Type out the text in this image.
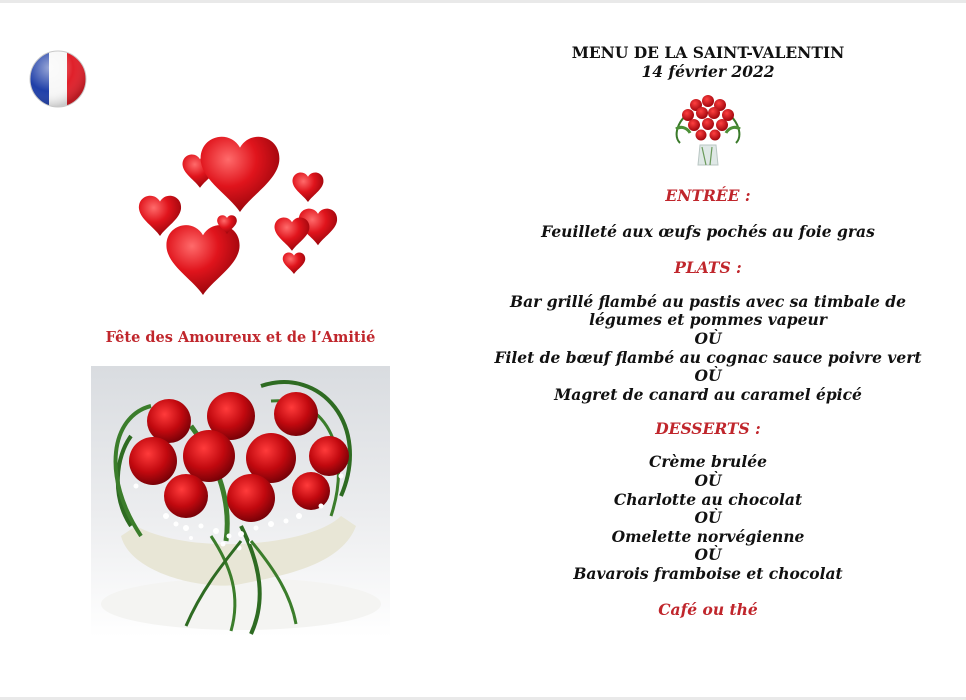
Fête des Amoureux et de l’Amitié
MENU DE LA SAINT-VALENTIN
14 février 2022
ENTRÉE :
Feuilleté aux œufs pochés au foie gras
PLATS :
Bar grillé flambé au pastis avec sa timbale de
légumes et pommes vapeur
OÙ
Filet de bœuf flambé au cognac sauce poivre vert
OÙ
Magret de canard au caramel épicé
DESSERTS :
Crème brulée
OÙ
Charlotte au chocolat
OÙ
Omelette norvégienne
OÙ
Bavarois framboise et chocolat
Café ou thé
